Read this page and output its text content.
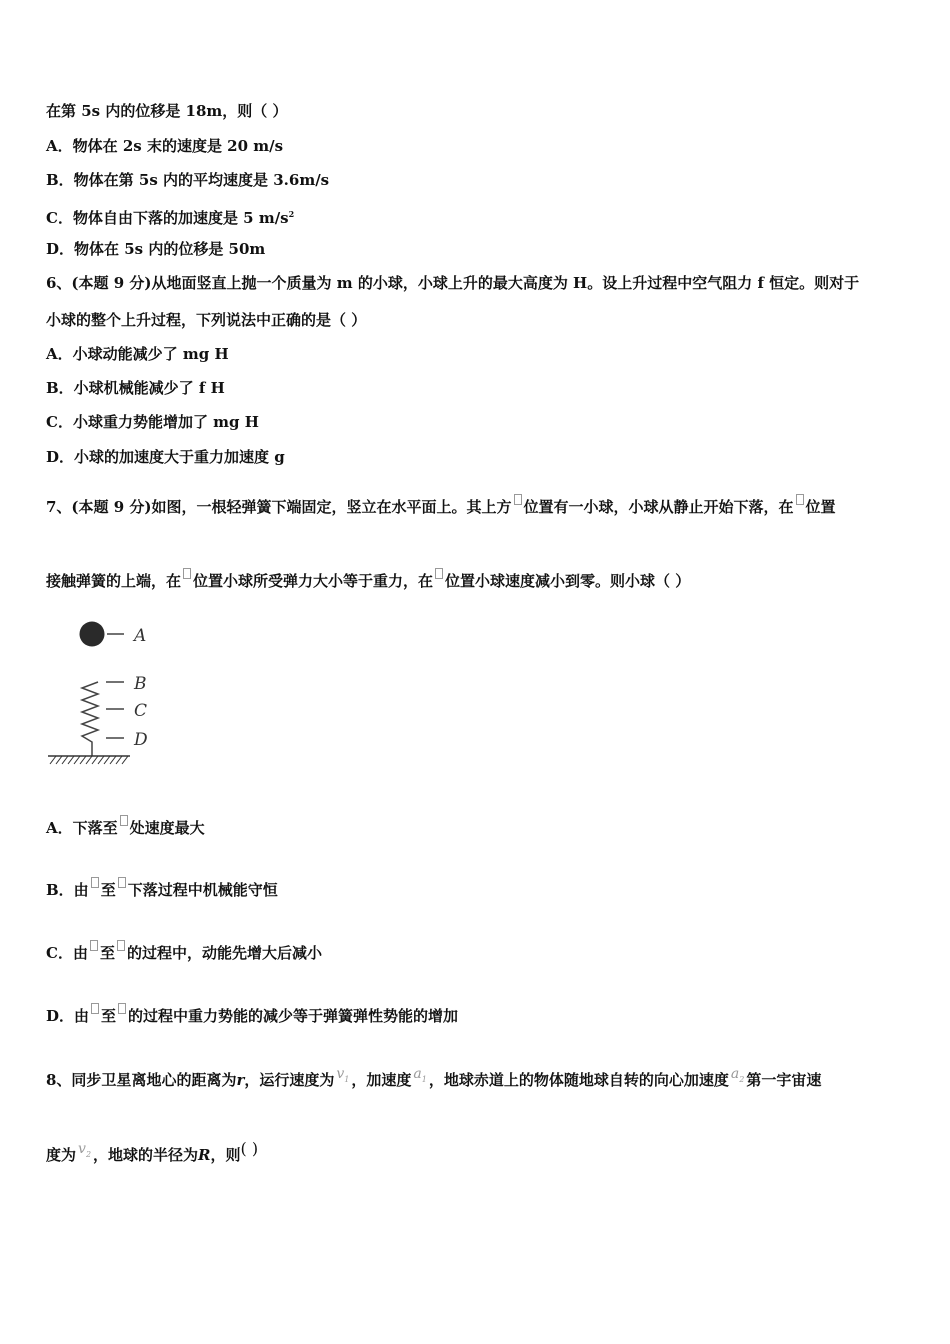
在第 5s 内的位移是 18m，则（ ）
A．物体在 2s 末的速度是 20 m/s
B．物体在第 5s 内的平均速度是 3.6m/s
C．物体自由下落的加速度是 5 $m/s^2$
D．物体在 5s 内的位移是 50m
6、(本题 9 分)从地面竖直上抛一个质量为 m 的小球，小球上升的最大高度为 H。设上升过程中空气阻力 f 恒定。则对于
小球的整个上升过程，下列说法中正确的是（ ）
A．小球动能减少了 mg H
B．小球机械能减少了 f H
C．小球重力势能增加了 mg H
D．小球的加速度大于重力加速度 g
7、(本题 9 分)如图，一根轻弹簧下端固定，竖立在水平面上。其上方 位置有一小球，小球从静止开始下落，在 位置
接触弹簧的上端，在 位置小球所受弹力大小等于重力，在 位置小球速度减小到零。则小球（ ）
A
B
C
D
A．下落至 处速度最大
B．由 至 下落过程中机械能守恒
C．由 至 的过程中，动能先增大后减小
D．由 至 的过程中重力势能的减少等于弹簧弹性势能的增加
8、同步卫星离地心的距离为r，运行速度为 $v_1$ ，加速度 $a_1$ ，地球赤道上的物体随地球自转的向心加速度 $a_2$ 第一宇宙速
度为 $v_2$ ，地球的半径为R，则( )
